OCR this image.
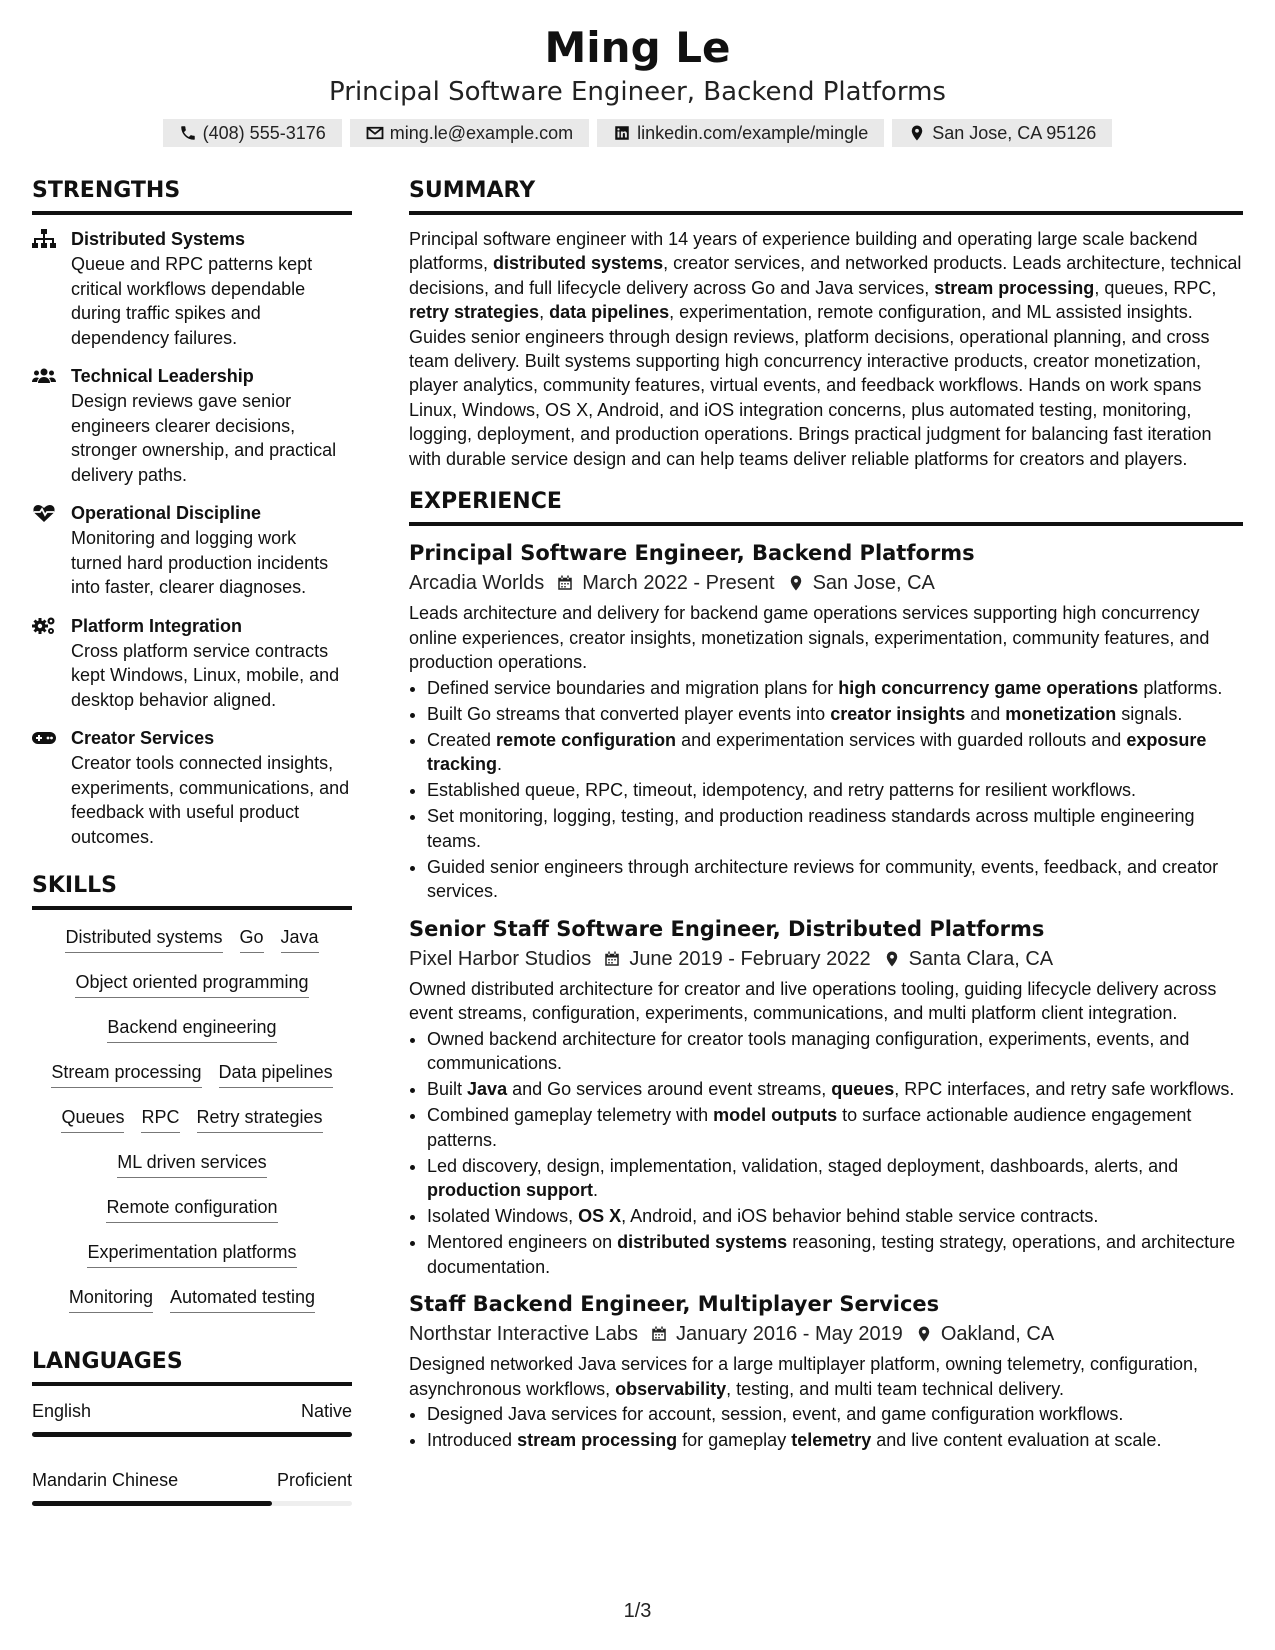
Ming Le
Principal Software Engineer, Backend Platforms
(408) 555-3176	ming.le@example.com	linkedin.com/example/mingle	San Jose, CA 95126
STRENGTHS
Distributed Systems
Queue and RPC patterns kept critical workflows dependable during traffic spikes and dependency failures.
Technical Leadership
Design reviews gave senior engineers clearer decisions, stronger ownership, and practical delivery paths.
Operational Discipline
Monitoring and logging work turned hard production incidents into faster, clearer diagnoses.
Platform Integration
Cross platform service contracts kept Windows, Linux, mobile, and desktop behavior aligned.
Creator Services
Creator tools connected insights, experiments, communications, and feedback with useful product outcomes.
SKILLS
Distributed systems Go Java
Object oriented programming
Backend engineering
Stream processing Data pipelines
Queues RPC Retry strategies
ML driven services
Remote configuration
Experimentation platforms
Monitoring Automated testing
LANGUAGES
English	Native
Mandarin Chinese	Proficient
SUMMARY
Principal software engineer with 14 years of experience building and operating large scale backend platforms, distributed systems, creator services, and networked products. Leads architecture, technical decisions, and full lifecycle delivery across Go and Java services, stream processing, queues, RPC, retry strategies, data pipelines, experimentation, remote configuration, and ML assisted insights. Guides senior engineers through design reviews, platform decisions, operational planning, and cross team delivery. Built systems supporting high concurrency interactive products, creator monetization, player analytics, community features, virtual events, and feedback workflows. Hands on work spans Linux, Windows, OS X, Android, and iOS integration concerns, plus automated testing, monitoring, logging, deployment, and production operations. Brings practical judgment for balancing fast iteration with durable service design and can help teams deliver reliable platforms for creators and players.
EXPERIENCE
Principal Software Engineer, Backend Platforms
Arcadia Worlds March 2022 - Present San Jose, CA
Leads architecture and delivery for backend game operations services supporting high concurrency online experiences, creator insights, monetization signals, experimentation, community features, and production operations.
• Defined service boundaries and migration plans for high concurrency game operations platforms.
• Built Go streams that converted player events into creator insights and monetization signals.
• Created remote configuration and experimentation services with guarded rollouts and exposure tracking.
• Established queue, RPC, timeout, idempotency, and retry patterns for resilient workflows.
• Set monitoring, logging, testing, and production readiness standards across multiple engineering teams.
• Guided senior engineers through architecture reviews for community, events, feedback, and creator services.
Senior Staff Software Engineer, Distributed Platforms
Pixel Harbor Studios June 2019 - February 2022 Santa Clara, CA
Owned distributed architecture for creator and live operations tooling, guiding lifecycle delivery across event streams, configuration, experiments, communications, and multi platform client integration.
• Owned backend architecture for creator tools managing configuration, experiments, events, and communications.
• Built Java and Go services around event streams, queues, RPC interfaces, and retry safe workflows.
• Combined gameplay telemetry with model outputs to surface actionable audience engagement patterns.
• Led discovery, design, implementation, validation, staged deployment, dashboards, alerts, and production support.
• Isolated Windows, OS X, Android, and iOS behavior behind stable service contracts.
• Mentored engineers on distributed systems reasoning, testing strategy, operations, and architecture documentation.
Staff Backend Engineer, Multiplayer Services
Northstar Interactive Labs January 2016 - May 2019 Oakland, CA
Designed networked Java services for a large multiplayer platform, owning telemetry, configuration, asynchronous workflows, observability, testing, and multi team technical delivery.
• Designed Java services for account, session, event, and game configuration workflows.
• Introduced stream processing for gameplay telemetry and live content evaluation at scale.
1/3
